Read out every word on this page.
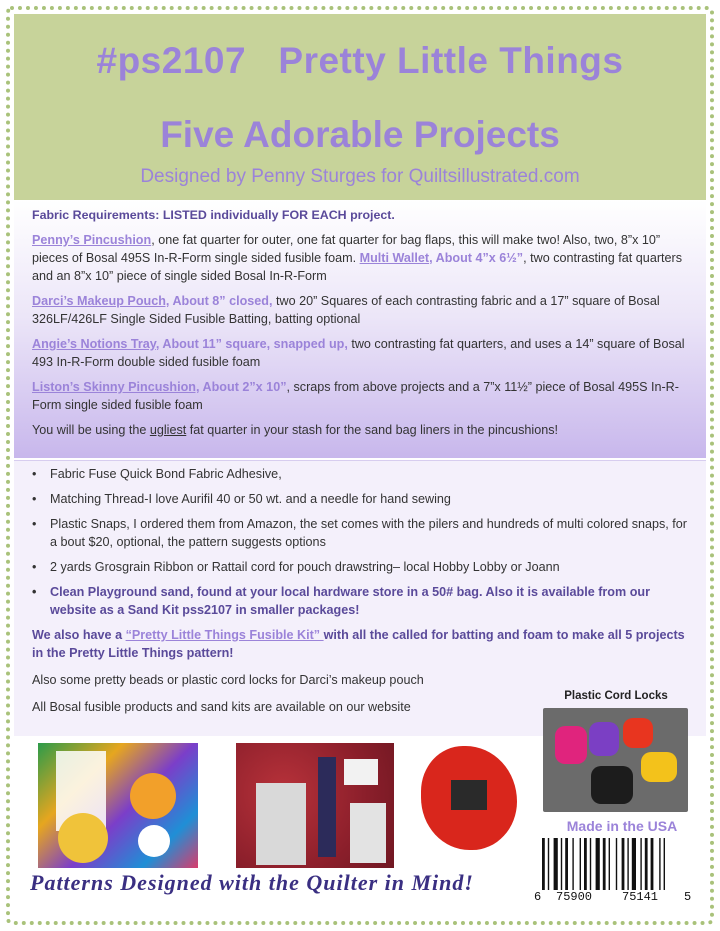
#ps2107   Pretty Little Things
Five Adorable Projects
Designed by Penny Sturges for Quiltsillustrated.com

Fabric Requirements: LISTED individually FOR EACH project.

Penny’s Pincushion, one fat quarter for outer, one fat quarter for bag flaps, this will make two! Also, two, 8”x 10” pieces of Bosal 495S In-R-Form single sided fusible foam. Multi Wallet, About 4”x 6½”, two contrasting fat quarters and an 8”x 10” piece of single sided Bosal In-R-Form

Darci’s Makeup Pouch, About 8” closed, two 20” Squares of each contrasting fabric and a 17” square of Bosal 326LF/426LF Single Sided Fusible Batting, batting optional

Angie’s Notions Tray, About 11” square, snapped up, two contrasting fat quarters, and uses a 14” square of Bosal 493 In-R-Form double sided fusible foam

Liston’s Skinny Pincushion, About 2”x 10”, scraps from above projects and a 7”x 11½” piece of Bosal 495S In-R-Form single sided fusible foam

You will be using the ugliest fat quarter in your stash for the sand bag liners in the pincushions!

• Fabric Fuse Quick Bond Fabric Adhesive,
• Matching Thread-I love Aurifil 40 or 50 wt. and a needle for hand sewing
• Plastic Snaps, I ordered them from Amazon, the set comes with the pilers and hundreds of multi colored snaps, for a bout $20, optional, the pattern suggests options
• 2 yards Grosgrain Ribbon or Rattail cord for pouch drawstring– local Hobby Lobby or Joann
• Clean Playground sand, found at your local hardware store in a 50# bag. Also it is available from our website as a Sand Kit pss2107 in smaller packages!

We also have a “Pretty Little Things Fusible Kit” with all the called for batting and foam to make all 5 projects in the Pretty Little Things pattern!

Also some pretty beads or plastic cord locks for Darci’s makeup pouch

All Bosal fusible products and sand kits are available on our website

Plastic Cord Locks
Made in the USA
6 75900 75141 5
Patterns Designed with the Quilter in Mind!
